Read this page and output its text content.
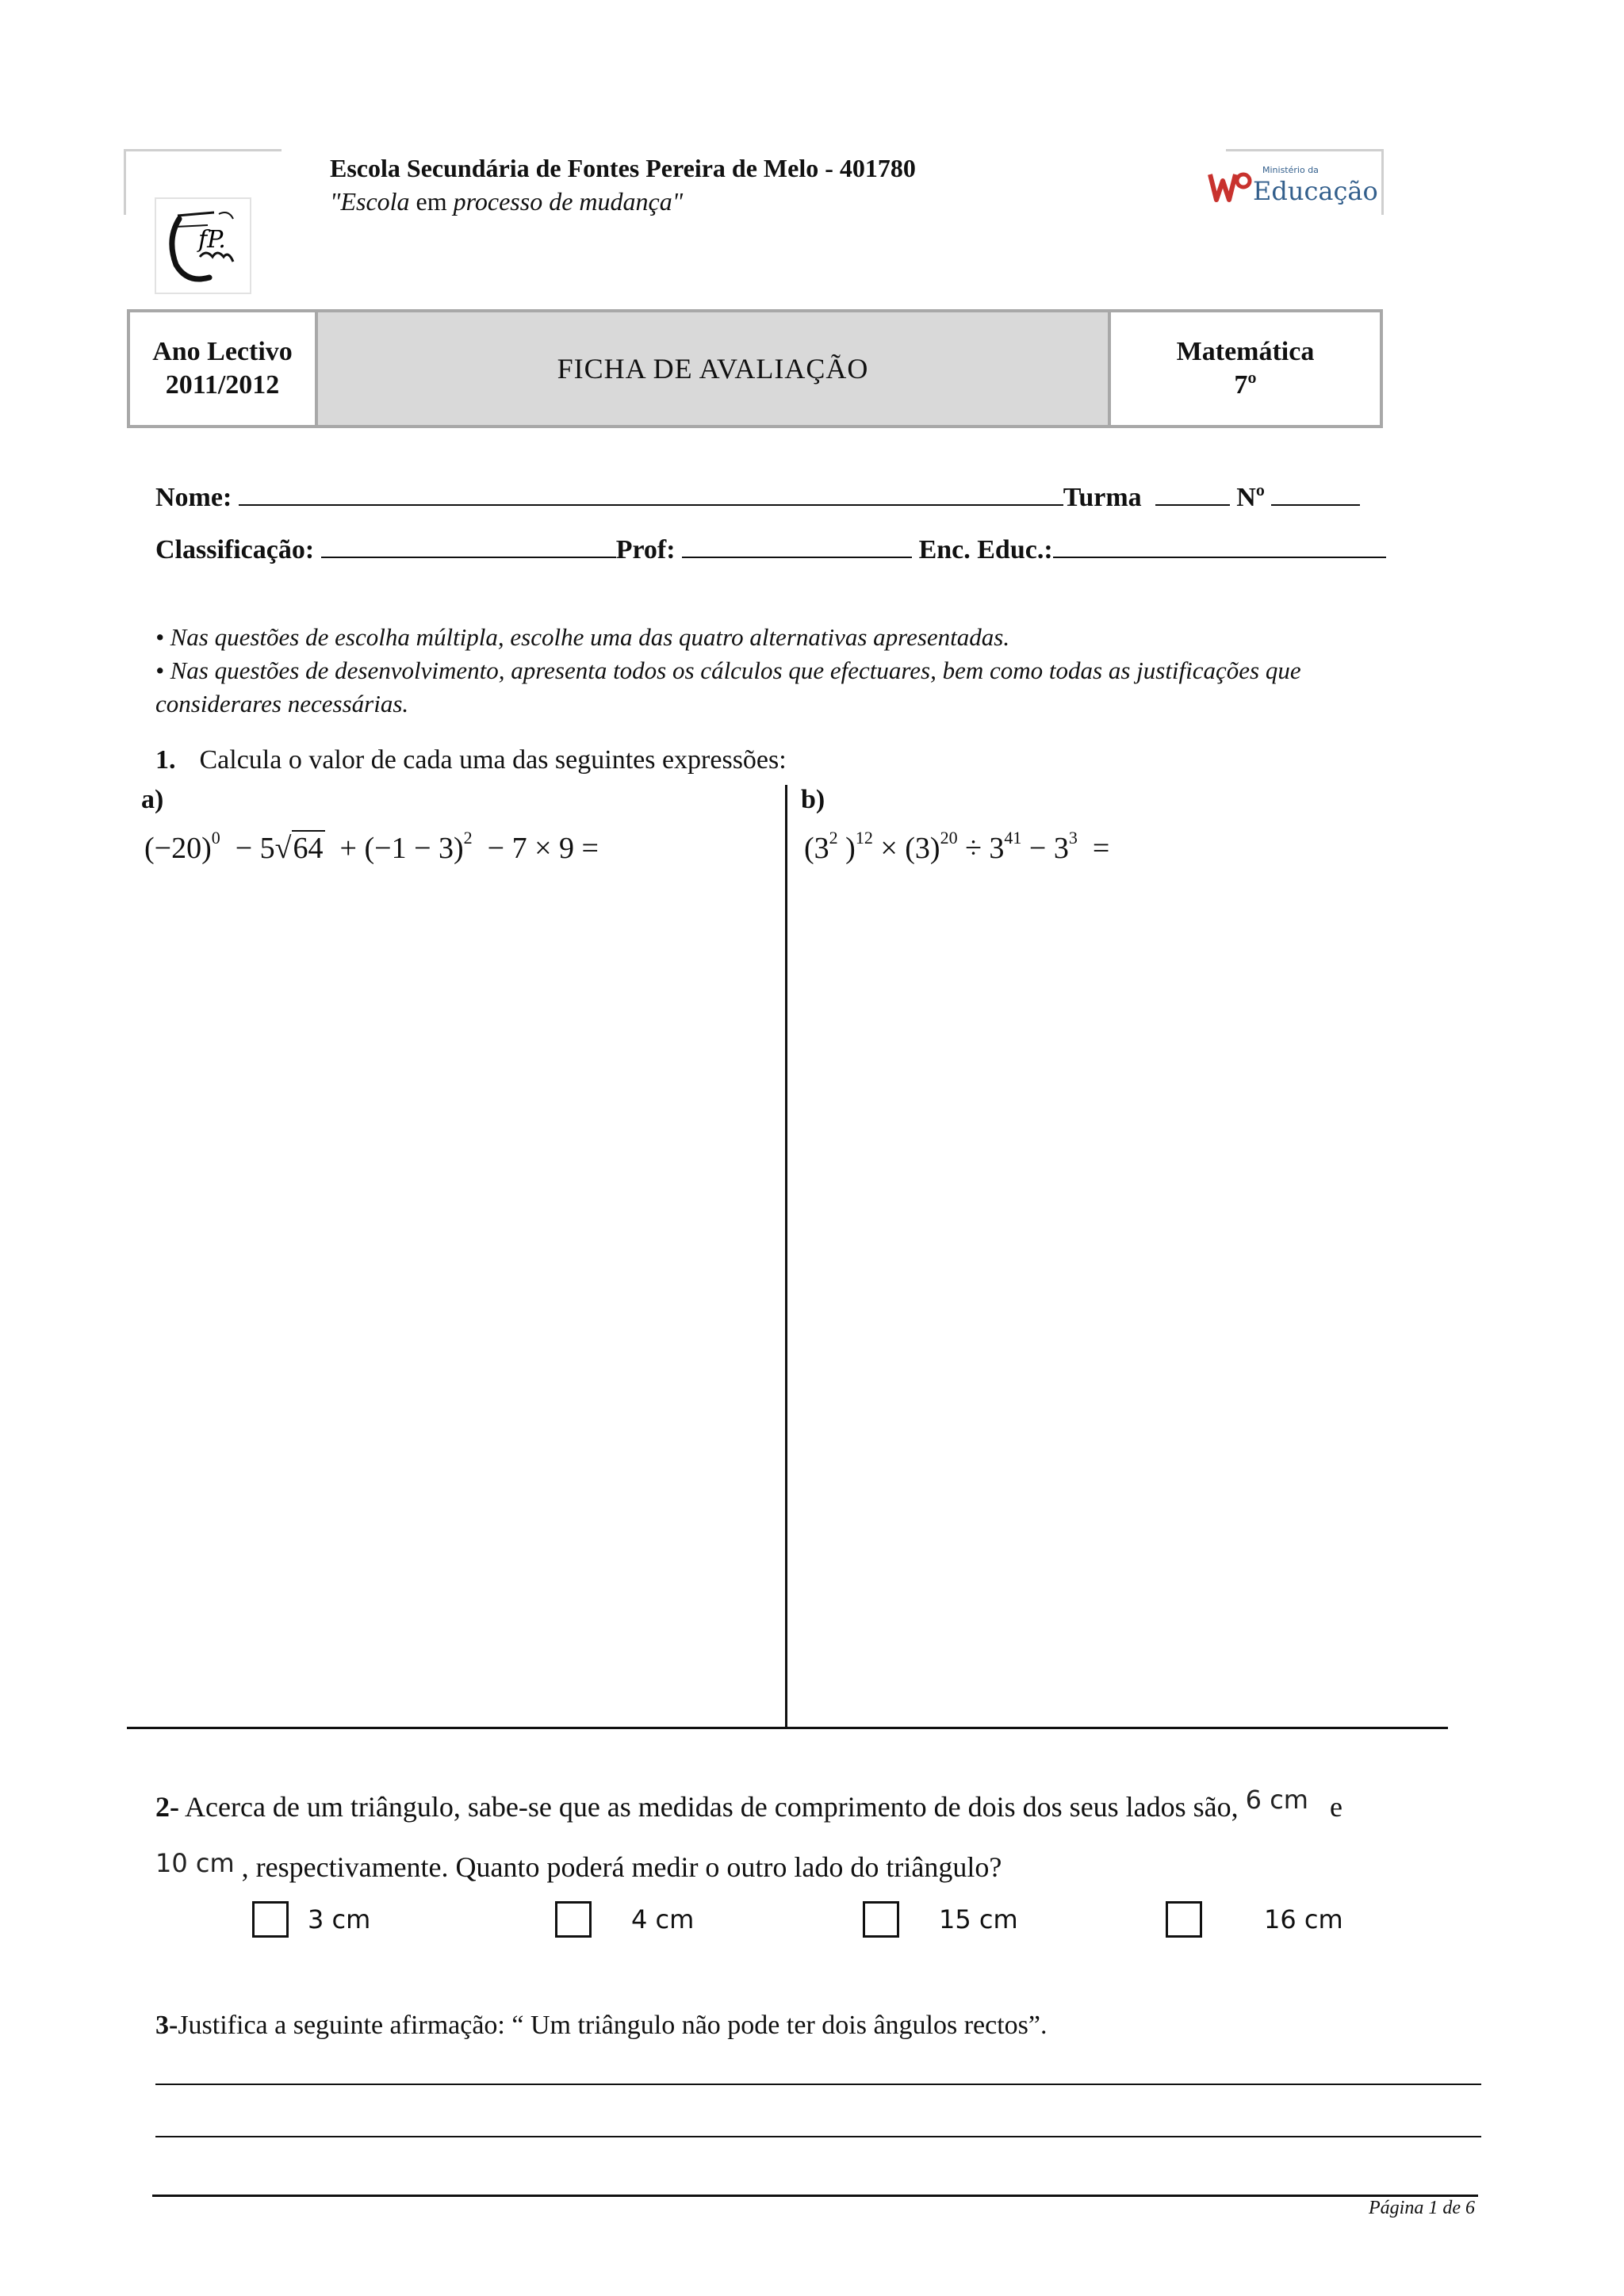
Escola Secundária de Fontes Pereira de Melo - 401780
"Escola em processo de mudança"
fP.
Ministério da
Educação
Ano Lectivo
2011/2012
FICHA DE AVALIAÇÃO
Matemática
7º
Nome:	Turma	Nº
Classificação:	Prof:	Enc. Educ.:
• Nas questões de escolha múltipla, escolhe uma das quatro alternativas apresentadas.
• Nas questões de desenvolvimento, apresenta todos os cálculos que efectuares, bem como todas as justificações que
considerares necessárias.
1. Calcula o valor de cada uma das seguintes expressões:
a)	b)
$(-20)^0 - 5√64 + (-1 - 3)^2 - 7 \times 9$ =	($3^2$ )$^{12} \times (3)^{20} \div 3^{41} - 3^3$  =
2- Acerca de um triângulo, sabe-se que as medidas de comprimento de dois dos seus lados são, 6 cm e
10 cm , respectivamente. Quanto poderá medir o outro lado do triângulo?
3 cm	4 cm	15 cm	16 cm
3-Justifica a seguinte afirmação: “ Um triângulo não pode ter dois ângulos rectos”.
Página 1 de 6
